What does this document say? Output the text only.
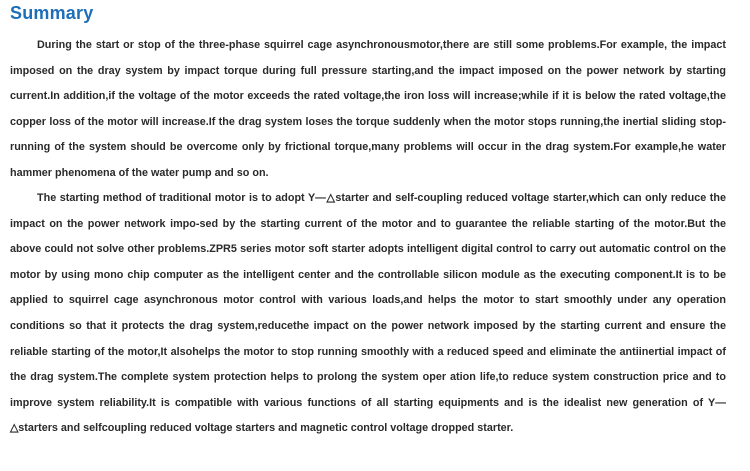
Summary

During the start or stop of the three-phase squirrel cage asynchronousmotor,there are still some problems.For example, the impact imposed on the dray system by impact torque during full pressure starting,and the impact imposed on the power network by starting current.In addition,if the voltage of the motor exceeds the rated voltage,the iron loss will increase;while if it is below the rated voltage,the copper loss of the motor will increase.If the drag system loses the torque suddenly when the motor stops running,the inertial sliding stop-running of the system should be overcome only by frictional torque,many problems will occur in the drag system.For example,he water hammer phenomena of the water pump and so on.

The starting method of traditional motor is to adopt Y—△starter and self-coupling reduced voltage starter,which can only reduce the impact on the power network impo-sed by the starting current of the motor and to guarantee the reliable starting of the motor.But the above could not solve other problems.ZPR5 series motor soft starter adopts intelligent digital control to carry out automatic control on the motor by using mono chip computer as the intelligent center and the controllable silicon module as the executing component.It is to be applied to squirrel cage asynchronous motor control with various loads,and helps the motor to start smoothly under any operation conditions so that it protects the drag system,reducethe impact on the power network imposed by the starting current and ensure the reliable starting of the motor,It alsohelps the motor to stop running smoothly with a reduced speed and eliminate the antiinertial impact of the drag system.The complete system protection helps to prolong the system oper ation life,to reduce system construction price and to improve system reliability.It is compatible with various functions of all starting equipments and is the idealist new generation of Y—△starters and selfcoupling reduced voltage starters and magnetic control voltage dropped starter.
